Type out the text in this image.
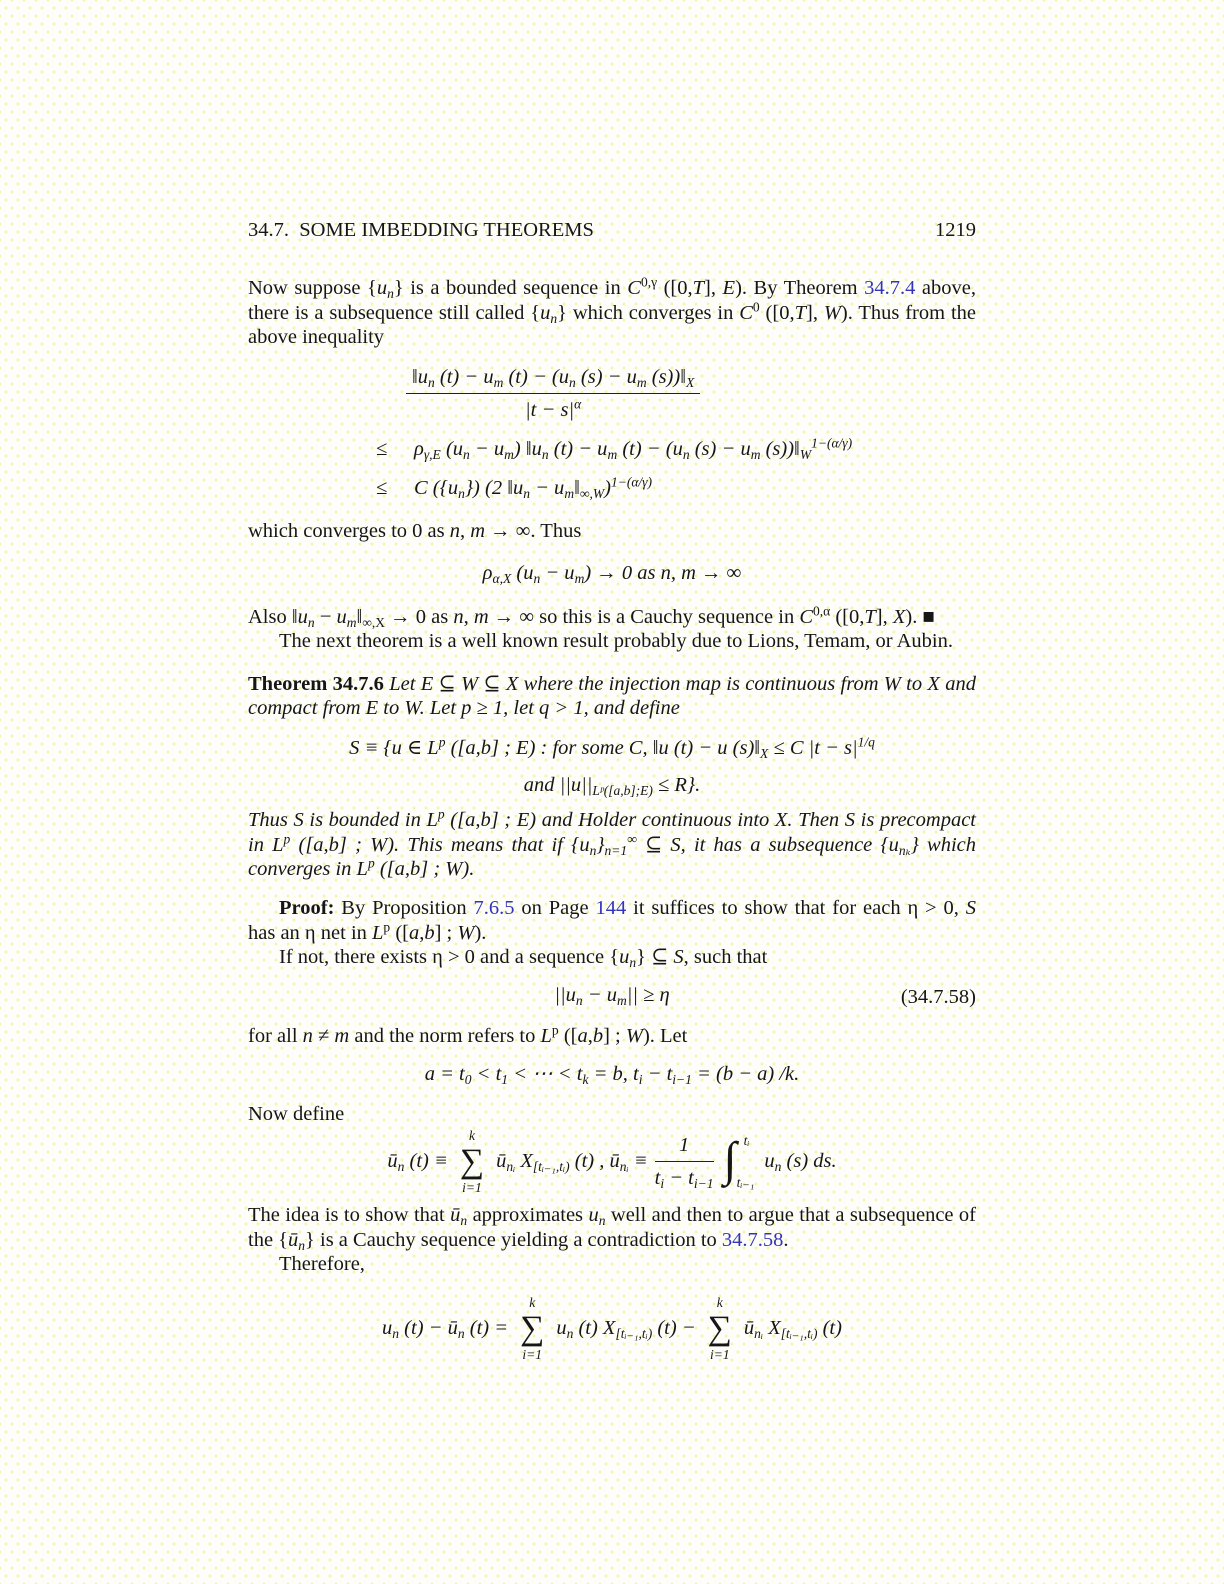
34.7.  SOME IMBEDDING THEOREMS	1219

Now suppose $\{u_n\}$ is a bounded sequence in $C^{0,\gamma}$ ([0,T], E). By Theorem 34.7.4 above, there is a subsequence still called $\{u_n\}$ which converges in $C^0$ ([0,T], W). Thus from the above inequality

$\frac{‖u_n (t) - u_m (t) - (u_n (s) - u_m (s))‖_X}{|t - s|^\alpha}$
≤	$\rho_{\gamma,E}$ $(u_n - u_m)$ $‖u_n$ $(t) - u_m$ $(t) - (u_n$ $(s) - u_m$ $(s))‖_W^{1-(\alpha/\gamma)}$
≤	C $(\{u_n\})$ (2 $‖u_n$ − $u_m‖_{\infty,W})^{1-(\alpha/\gamma)}$

which converges to 0 as n, m → ∞. Thus

$\rho_{\alpha,X}$ $(u_n - u_m) \to 0$ as n, m → ∞

Also $‖u_n$ − $u_m‖_{\infty,X} \to 0$ as n, m → ∞ so this is a Cauchy sequence in $C^{0,\alpha}$ ([0,T], X). ■

The next theorem is a well known result probably due to Lions, Temam, or Aubin.

Theorem 34.7.6 Let E ⊆ W ⊆ X where the injection map is continuous from W to X and compact from E to W. Let p ≥ 1, let q > 1, and define

S ≡ {u ∈ $L^p$ ([a,b] ; E) : for some C, ‖u (t) − u $(s)‖_X \le C$ $|t - s|^{1/q}$
and $||u||_{Lᵖ([a,b];E)} \le R$}.

Thus S is bounded in $L^p$ ([a,b] ; E) and Holder continuous into X. Then S is precompact in $L^p$ ([a,b] ; W). This means that if $\{u_n\}_{n=1}^\infty$ ⊆ S, it has a subsequence $\{u_{n_k}\}$ which converges in $L^p$ ([a,b] ; W).

Proof: By Proposition 7.6.5 on Page 144 it suffices to show that for each η > 0, S has an η net in $L^p$ ([a,b] ; W).

If not, there exists η > 0 and a sequence $\{u_n\}$ ⊆ S, such that

$||u_n - u_m|| \ge \eta$	(34.7.58)

for all n ≠ m and the norm refers to $L^p$ ([a,b] ; W). Let

$a = t_0 < t_1$ < ⋯ < $t_k = b$, $t_i - t_{i-1} = (b - a)$ /k.

Now define

$ū_n$ (t) ≡
k
∑
i=1
$ū_{nᵢ}$ $X_{[tᵢ_{-1},tᵢ)}$ (t) , $ū_{nᵢ} \equiv \frac{1}{t_i - t_{i-1}}$ ∫ tᵢ
tᵢ₋₁
$u_n$ (s) ds.

The idea is to show that $ū_n$ approximates $u_n$ well and then to argue that a subsequence of the $\{ū_n\}$ is a Cauchy sequence yielding a contradiction to 34.7.58.

Therefore,

$u_n$ $(t) - ū_n$ (t) =
k
∑
i=1
$u_n$ (t) $X_{[tᵢ_{-1},tᵢ)}$ (t) −
k
∑
i=1
$ū_{nᵢ}$ $X_{[tᵢ_{-1},tᵢ)}$ (t)
